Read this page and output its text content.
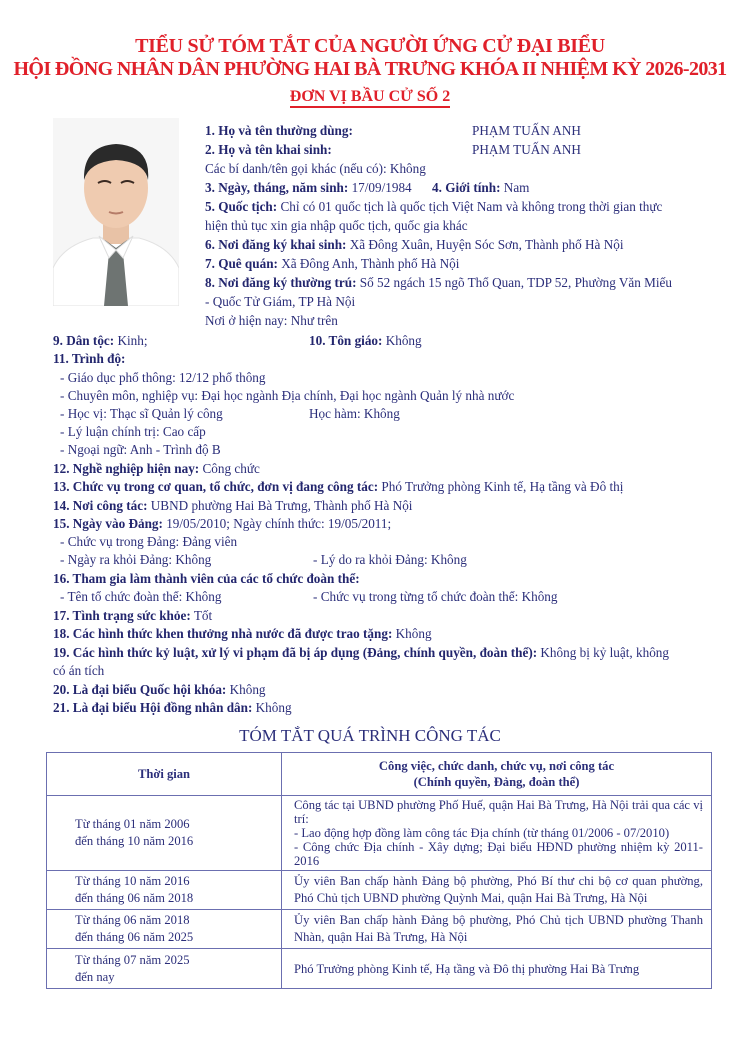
TIỂU SỬ TÓM TẮT CỦA NGƯỜI ỨNG CỬ ĐẠI BIỂU
HỘI ĐỒNG NHÂN DÂN PHƯỜNG HAI BÀ TRƯNG KHÓA II NHIỆM KỲ 2026-2031
ĐƠN VỊ BẦU CỬ SỐ 2
1. Họ và tên thường dùng:	PHẠM TUẤN ANH
2. Họ và tên khai sinh:	PHẠM TUẤN ANH
Các bí danh/tên gọi khác (nếu có): Không
3. Ngày, tháng, năm sinh: 17/09/1984 4. Giới tính: Nam
5. Quốc tịch: Chỉ có 01 quốc tịch là quốc tịch Việt Nam và không trong thời gian thực
hiện thủ tục xin gia nhập quốc tịch, quốc gia khác
6. Nơi đăng ký khai sinh: Xã Đông Xuân, Huyện Sóc Sơn, Thành phố Hà Nội
7. Quê quán: Xã Đông Anh, Thành phố Hà Nội
8. Nơi đăng ký thường trú: Số 52 ngách 15 ngõ Thổ Quan, TDP 52, Phường Văn Miếu
- Quốc Tử Giám, TP Hà Nội
Nơi ở hiện nay: Như trên
9. Dân tộc: Kinh;	10. Tôn giáo: Không
11. Trình độ:
- Giáo dục phổ thông: 12/12 phổ thông
- Chuyên môn, nghiệp vụ: Đại học ngành Địa chính, Đại học ngành Quản lý nhà nước
- Học vị: Thạc sĩ Quản lý công	Học hàm: Không
- Lý luận chính trị: Cao cấp
- Ngoại ngữ: Anh - Trình độ B
12. Nghề nghiệp hiện nay: Công chức
13. Chức vụ trong cơ quan, tổ chức, đơn vị đang công tác: Phó Trưởng phòng Kinh tế, Hạ tầng và Đô thị
14. Nơi công tác: UBND phường Hai Bà Trưng, Thành phố Hà Nội
15. Ngày vào Đảng: 19/05/2010; Ngày chính thức: 19/05/2011;
- Chức vụ trong Đảng: Đảng viên
- Ngày ra khỏi Đảng: Không	- Lý do ra khỏi Đảng: Không
16. Tham gia làm thành viên của các tổ chức đoàn thể:
- Tên tổ chức đoàn thể: Không	- Chức vụ trong từng tổ chức đoàn thể: Không
17. Tình trạng sức khỏe: Tốt
18. Các hình thức khen thưởng nhà nước đã được trao tặng: Không
19. Các hình thức kỷ luật, xử lý vi phạm đã bị áp dụng (Đảng, chính quyền, đoàn thể): Không bị kỷ luật, không
có án tích
20. Là đại biểu Quốc hội khóa: Không
21. Là đại biểu Hội đồng nhân dân: Không
TÓM TẮT QUÁ TRÌNH CÔNG TÁC
Thời gian	Công việc, chức danh, chức vụ, nơi công tác
(Chính quyền, Đảng, đoàn thể)

Từ tháng 01 năm 2006
đến tháng 10 năm 2016

Công tác tại UBND phường Phố Huế, quận Hai Bà Trưng, Hà Nội trải qua các vị trí:
- Lao động hợp đồng làm công tác Địa chính (từ tháng 01/2006 - 07/2010)
- Công chức Địa chính - Xây dựng; Đại biểu HĐND phường nhiệm kỳ 2011-2016

Từ tháng 10 năm 2016
đến tháng 06 năm 2018	Ủy viên Ban chấp hành Đảng bộ phường, Phó Bí thư chi bộ cơ quan phường, Phó Chủ tịch UBND phường Quỳnh Mai, quận Hai Bà Trưng, Hà Nội

Từ tháng 06 năm 2018
đến tháng 06 năm 2025	Ủy viên Ban chấp hành Đảng bộ phường, Phó Chủ tịch UBND phường Thanh Nhàn, quận Hai Bà Trưng, Hà Nội

Từ tháng 07 năm 2025
đến nay	Phó Trưởng phòng Kinh tế, Hạ tầng và Đô thị phường Hai Bà Trưng
